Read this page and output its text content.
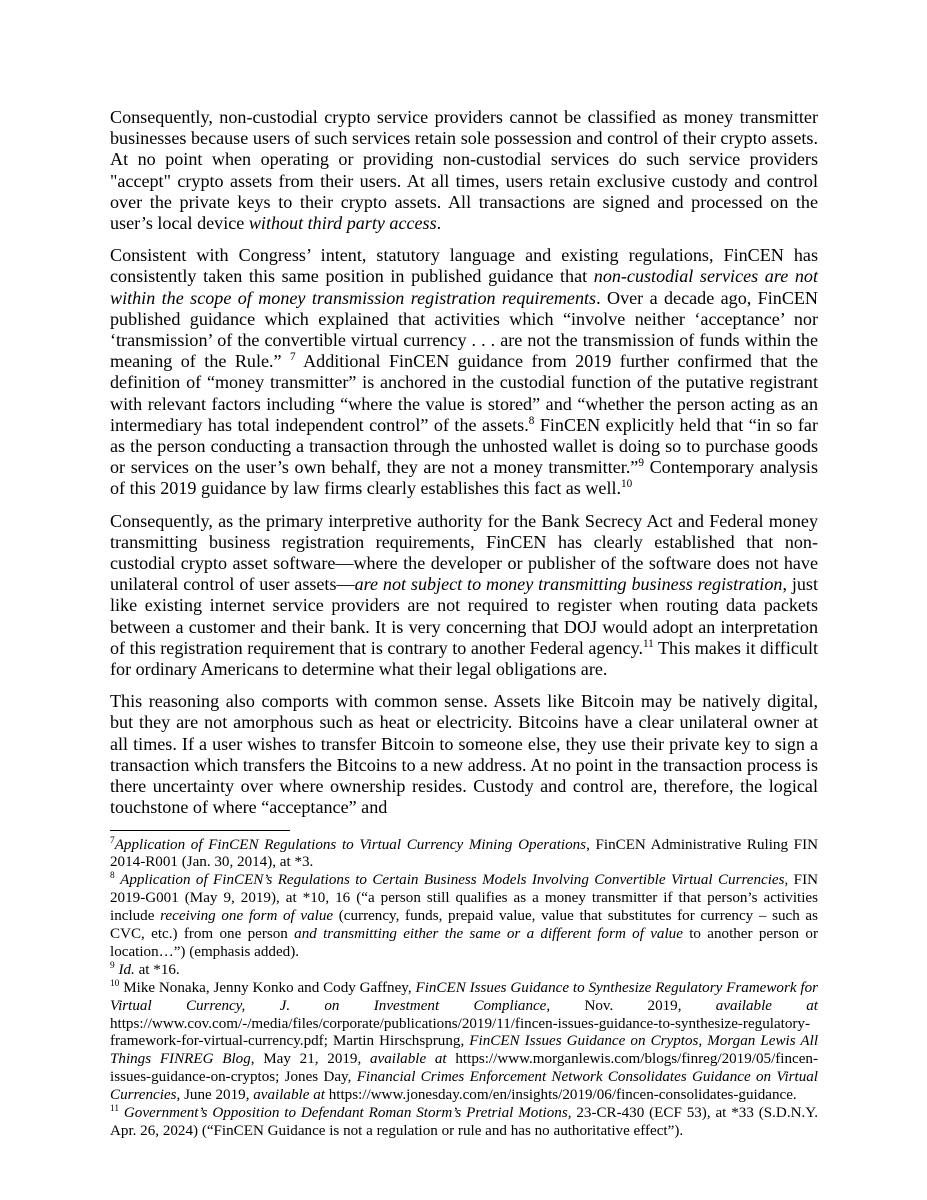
Consequently, non-custodial crypto service providers cannot be classified as money transmitter businesses because users of such services retain sole possession and control of their crypto assets. At no point when operating or providing non-custodial services do such service providers "accept" crypto assets from their users. At all times, users retain exclusive custody and control over the private keys to their crypto assets. All transactions are signed and processed on the user’s local device without third party access.

Consistent with Congress’ intent, statutory language and existing regulations, FinCEN has consistently taken this same position in published guidance that non-custodial services are not within the scope of money transmission registration requirements. Over a decade ago, FinCEN published guidance which explained that activities which “involve neither ‘acceptance’ nor ‘transmission’ of the convertible virtual currency . . . are not the transmission of funds within the meaning of the Rule.” $^7$ Additional FinCEN guidance from 2019 further confirmed that the definition of “money transmitter” is anchored in the custodial function of the putative registrant with relevant factors including “where the value is stored” and “whether the person acting as an intermediary has total independent control” of the assets.$^8$ FinCEN explicitly held that “in so far as the person conducting a transaction through the unhosted wallet is doing so to purchase goods or services on the user’s own behalf, they are not a money transmitter.”$^9$ Contemporary analysis of this 2019 guidance by law firms clearly establishes this fact as well.$^{10}$

Consequently, as the primary interpretive authority for the Bank Secrecy Act and Federal money transmitting business registration requirements, FinCEN has clearly established that non-custodial crypto asset software—where the developer or publisher of the software does not have unilateral control of user assets—are not subject to money transmitting business registration, just like existing internet service providers are not required to register when routing data packets between a customer and their bank. It is very concerning that DOJ would adopt an interpretation of this registration requirement that is contrary to another Federal agency.$^{11}$ This makes it difficult for ordinary Americans to determine what their legal obligations are.

This reasoning also comports with common sense. Assets like Bitcoin may be natively digital, but they are not amorphous such as heat or electricity. Bitcoins have a clear unilateral owner at all times. If a user wishes to transfer Bitcoin to someone else, they use their private key to sign a transaction which transfers the Bitcoins to a new address. At no point in the transaction process is there uncertainty over where ownership resides. Custody and control are, therefore, the logical touchstone of where “acceptance” and

$^7$Application of FinCEN Regulations to Virtual Currency Mining Operations, FinCEN Administrative Ruling FIN 2014-R001 (Jan. 30, 2014), at *3.

$^8$ Application of FinCEN’s Regulations to Certain Business Models Involving Convertible Virtual Currencies, FIN 2019-G001 (May 9, 2019), at *10, 16 (“a person still qualifies as a money transmitter if that person’s activities include receiving one form of value (currency, funds, prepaid value, value that substitutes for currency – such as CVC, etc.) from one person and transmitting either the same or a different form of value to another person or location…”) (emphasis added).

$^9$ Id. at *16.

$^{10}$ Mike Nonaka, Jenny Konko and Cody Gaffney, FinCEN Issues Guidance to Synthesize Regulatory Framework for Virtual Currency, J. on Investment Compliance, Nov. 2019, available at https://www.cov.com/-/media/files/corporate/publications/2019/11/fincen-issues-guidance-to-synthesize-regulatory-framework-for-virtual-currency.pdf; Martin Hirschsprung, FinCEN Issues Guidance on Cryptos, Morgan Lewis All Things FINREG Blog, May 21, 2019, available at https://www.morganlewis.com/blogs/finreg/2019/05/fincen-issues-guidance-on-cryptos; Jones Day, Financial Crimes Enforcement Network Consolidates Guidance on Virtual Currencies, June 2019, available at https://www.jonesday.com/en/insights/2019/06/fincen-consolidates-guidance.

$^{11}$ Government’s Opposition to Defendant Roman Storm’s Pretrial Motions, 23-CR-430 (ECF 53), at *33 (S.D.N.Y. Apr. 26, 2024) (“FinCEN Guidance is not a regulation or rule and has no authoritative effect”).
